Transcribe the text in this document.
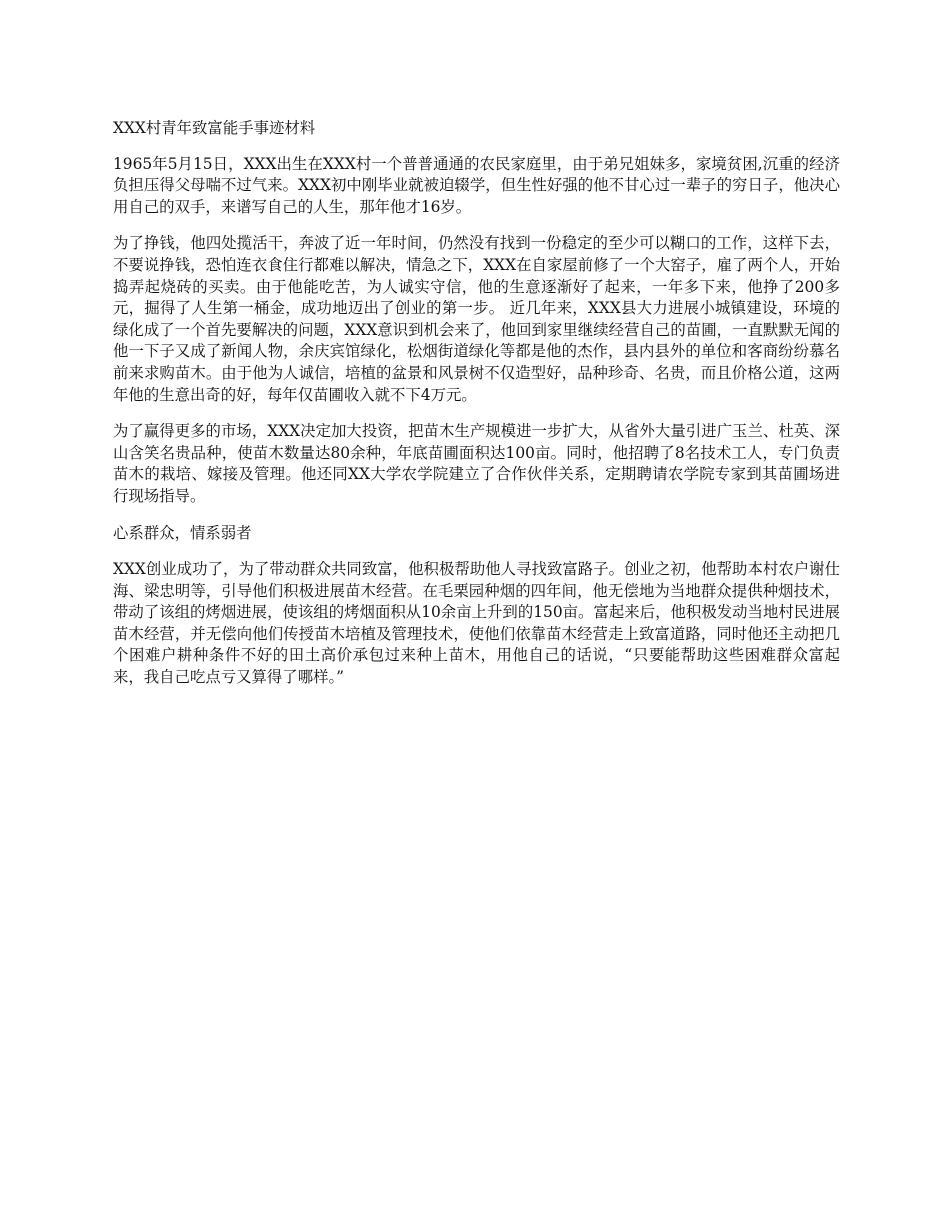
XXX村青年致富能手事迹材料

1965年5月15日，XXX出生在XXX村一个普普通通的农民家庭里，由于弟兄姐妹多，家境贫困,沉重的经济负担压得父母喘不过气来。XXX初中刚毕业就被迫辍学，但生性好强的他不甘心过一辈子的穷日子，他决心用自己的双手，来谱写自己的人生，那年他才16岁。

为了挣钱，他四处揽活干，奔波了近一年时间，仍然没有找到一份稳定的至少可以糊口的工作，这样下去，不要说挣钱，恐怕连衣食住行都难以解决，情急之下，XXX在自家屋前修了一个大窑子，雇了两个人，开始捣弄起烧砖的买卖。由于他能吃苦，为人诚实守信，他的生意逐渐好了起来，一年多下来，他挣了200多元，掘得了人生第一桶金，成功地迈出了创业的第一步。 近几年来，XXX县大力进展小城镇建设，环境的绿化成了一个首先要解决的问题，XXX意识到机会来了，他回到家里继续经营自己的苗圃，一直默默无闻的他一下子又成了新闻人物，余庆宾馆绿化，松烟街道绿化等都是他的杰作，县内县外的单位和客商纷纷慕名前来求购苗木。由于他为人诚信，培植的盆景和风景树不仅造型好，品种珍奇、名贵，而且价格公道，这两年他的生意出奇的好，每年仅苗圃收入就不下4万元。

为了赢得更多的市场，XXX决定加大投资，把苗木生产规模进一步扩大，从省外大量引进广玉兰、杜英、深山含笑名贵品种，使苗木数量达80余种，年底苗圃面积达100亩。同时，他招聘了8名技术工人，专门负责苗木的栽培、嫁接及管理。他还同XX大学农学院建立了合作伙伴关系，定期聘请农学院专家到其苗圃场进行现场指导。

心系群众，情系弱者

XXX创业成功了，为了带动群众共同致富，他积极帮助他人寻找致富路子。创业之初，他帮助本村农户谢仕海、梁忠明等，引导他们积极进展苗木经营。在毛栗园种烟的四年间，他无偿地为当地群众提供种烟技术，带动了该组的烤烟进展，使该组的烤烟面积从10余亩上升到的150亩。富起来后，他积极发动当地村民进展苗木经营，并无偿向他们传授苗木培植及管理技术，使他们依靠苗木经营走上致富道路，同时他还主动把几个困难户耕种条件不好的田土高价承包过来种上苗木，用他自己的话说，“只要能帮助这些困难群众富起来，我自己吃点亏又算得了哪样。”
